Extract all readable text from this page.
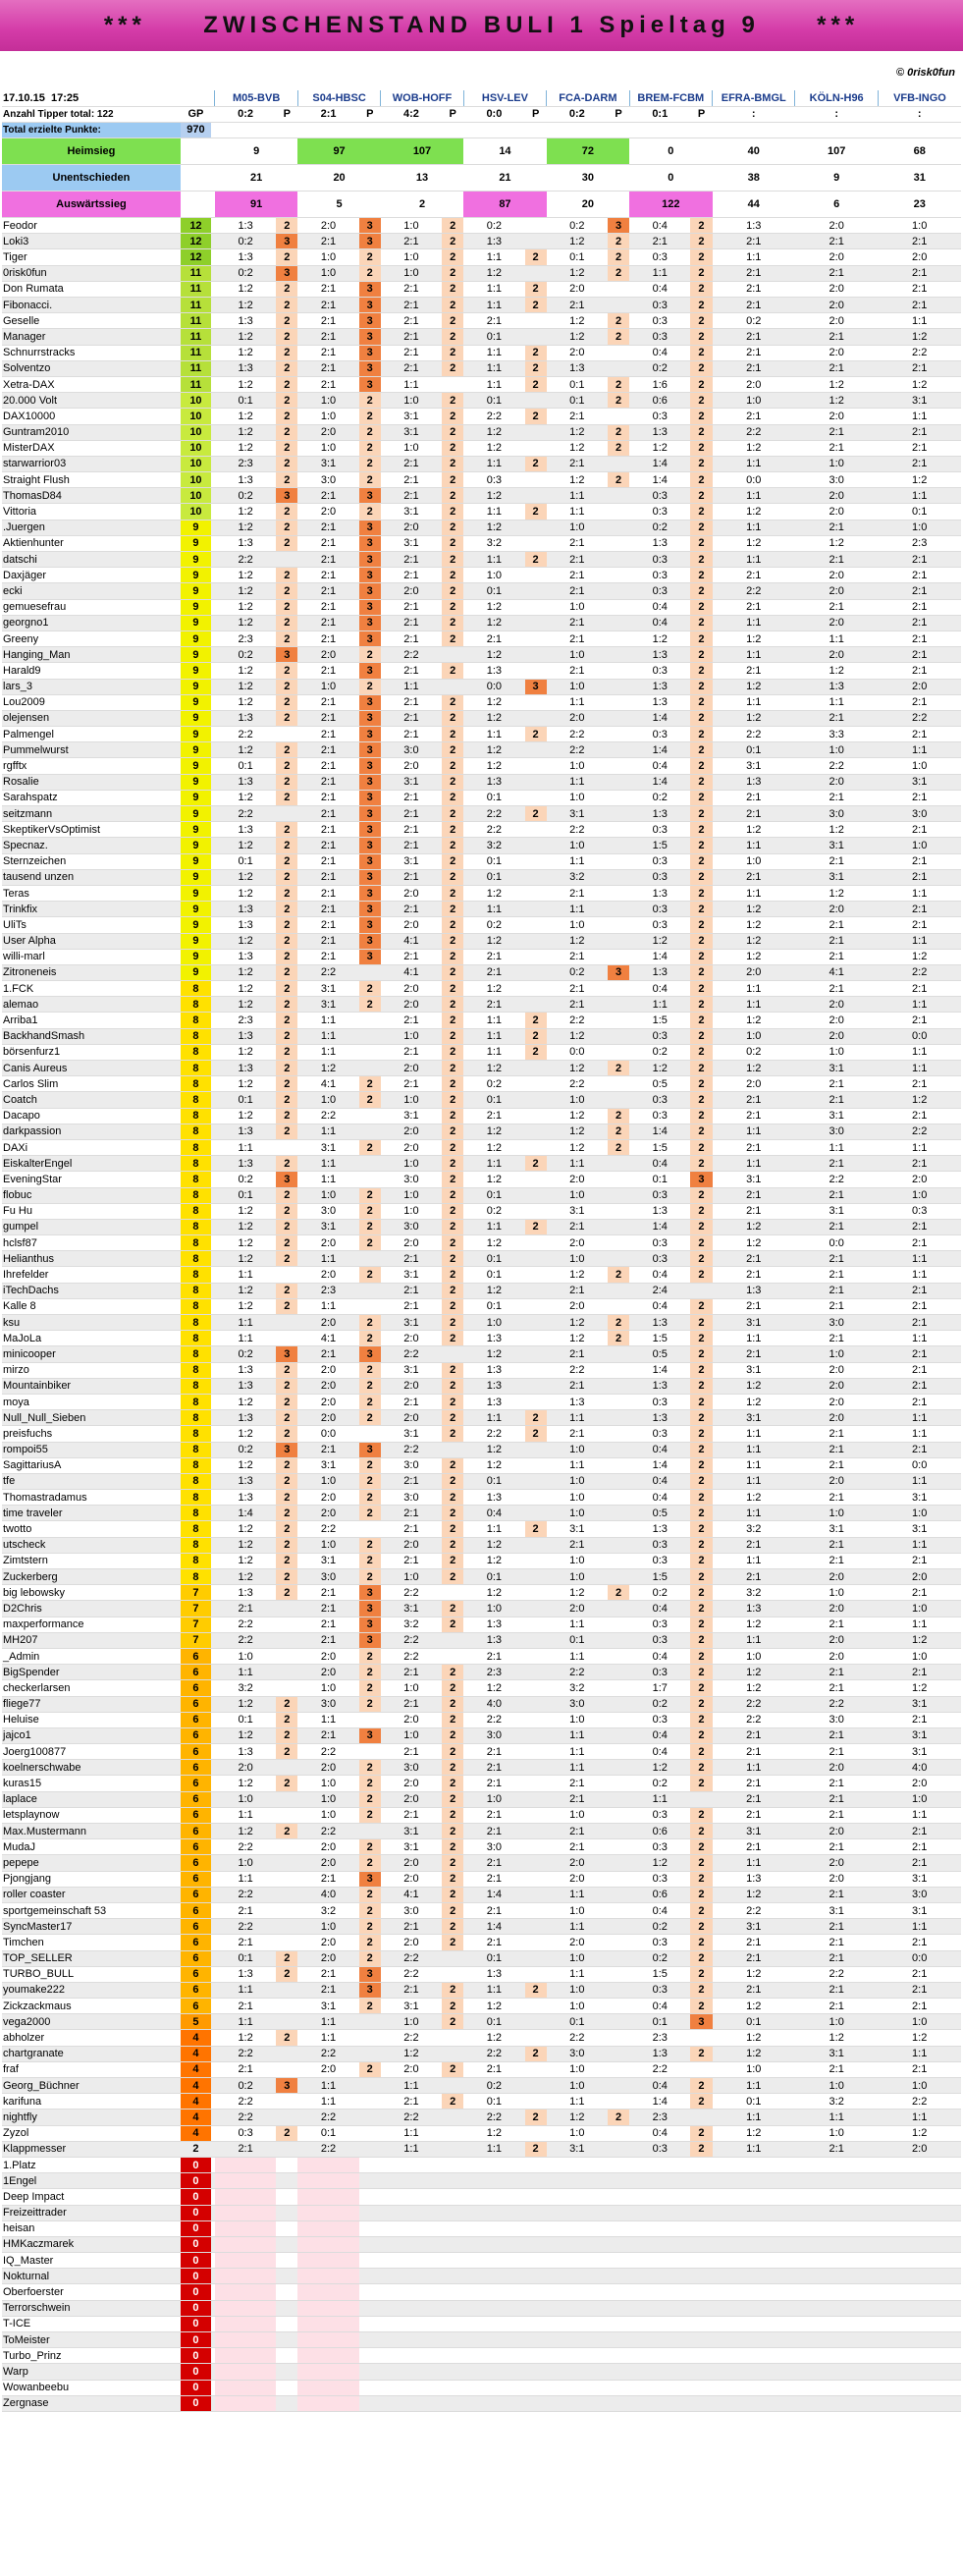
*** ZWISCHENSTAND BULI 1 Spieltag 9 ***
© 0risk0fun
17.10.15 17:25			M05-BVB		S04-HBSC		WOB-HOFF		HSV-LEV		FCA-DARM		BREM-FCBM		EFRA-BMGL	KÖLN-H96	VFB-INGO
Anzahl Tipper total: 122	GP		0:2	P	2:1	P	4:2	P	0:0	P	0:2	P	0:1	P	:	:	:
Total erzielte Punkte:	970																
Heimsieg			9		97		107		14		72		0		40	107	68
Unentschieden			21		20		13		21		30		0		38	9	31
Auswärtssieg			91		5		2		87		20		122		44	6	23
Feodor	12		1:3	2	2:0	3	1:0	2	0:2		0:2	3	0:4	2	1:3	2:0	1:0
Loki3	12		0:2	3	2:1	3	2:1	2	1:3		1:2	2	2:1	2	2:1	2:1	2:1
Tiger	12		1:3	2	1:0	2	1:0	2	1:1	2	0:1	2	0:3	2	1:1	2:0	2:0
0risk0fun	11		0:2	3	1:0	2	1:0	2	1:2		1:2	2	1:1	2	2:1	2:1	2:1
Don Rumata	11		1:2	2	2:1	3	2:1	2	1:1	2	2:0		0:4	2	2:1	2:0	2:1
Fibonacci.	11		1:2	2	2:1	3	2:1	2	1:1	2	2:1		0:3	2	2:1	2:0	2:1
Geselle	11		1:3	2	2:1	3	2:1	2	2:1		1:2	2	0:3	2	0:2	2:0	1:1
Manager	11		1:2	2	2:1	3	2:1	2	0:1		1:2	2	0:3	2	2:1	2:1	1:2
Schnurrstracks	11		1:2	2	2:1	3	2:1	2	1:1	2	2:0		0:4	2	2:1	2:0	2:2
Solventzo	11		1:3	2	2:1	3	2:1	2	1:1	2	1:3		0:2	2	2:1	2:1	2:1
Xetra-DAX	11		1:2	2	2:1	3	1:1		1:1	2	0:1	2	1:6	2	2:0	1:2	1:2
20.000 Volt	10		0:1	2	1:0	2	1:0	2	0:1		0:1	2	0:6	2	1:0	1:2	3:1
DAX10000	10		1:2	2	1:0	2	3:1	2	2:2	2	2:1		0:3	2	2:1	2:0	1:1
Guntram2010	10		1:2	2	2:0	2	3:1	2	1:2		1:2	2	1:3	2	2:2	2:1	2:1
MisterDAX	10		1:2	2	1:0	2	1:0	2	1:2		1:2	2	1:2	2	1:2	2:1	2:1
starwarrior03	10		2:3	2	3:1	2	2:1	2	1:1	2	2:1		1:4	2	1:1	1:0	2:1
Straight Flush	10		1:3	2	3:0	2	2:1	2	0:3		1:2	2	1:4	2	0:0	3:0	1:2
ThomasD84	10		0:2	3	2:1	3	2:1	2	1:2		1:1		0:3	2	1:1	2:0	1:1
Vittoria	10		1:2	2	2:0	2	3:1	2	1:1	2	1:1		0:3	2	1:2	2:0	0:1
.Juergen	9		1:2	2	2:1	3	2:0	2	1:2		1:0		0:2	2	1:1	2:1	1:0
Aktienhunter	9		1:3	2	2:1	3	3:1	2	3:2		2:1		1:3	2	1:2	1:2	2:3
datschi	9		2:2		2:1	3	2:1	2	1:1	2	2:1		0:3	2	1:1	2:1	2:1
Daxjäger	9		1:2	2	2:1	3	2:1	2	1:0		2:1		0:3	2	2:1	2:0	2:1
ecki	9		1:2	2	2:1	3	2:0	2	0:1		2:1		0:3	2	2:2	2:0	2:1
gemuesefrau	9		1:2	2	2:1	3	2:1	2	1:2		1:0		0:4	2	2:1	2:1	2:1
georgno1	9		1:2	2	2:1	3	2:1	2	1:2		2:1		0:4	2	1:1	2:0	2:1
Greeny	9		2:3	2	2:1	3	2:1	2	2:1		2:1		1:2	2	1:2	1:1	2:1
Hanging_Man	9		0:2	3	2:0	2	2:2		1:2		1:0		1:3	2	1:1	2:0	2:1
Harald9	9		1:2	2	2:1	3	2:1	2	1:3		2:1		0:3	2	2:1	1:2	2:1
lars_3	9		1:2	2	1:0	2	1:1		0:0	3	1:0		1:3	2	1:2	1:3	2:0
Lou2009	9		1:2	2	2:1	3	2:1	2	1:2		1:1		1:3	2	1:1	1:1	2:1
olejensen	9		1:3	2	2:1	3	2:1	2	1:2		2:0		1:4	2	1:2	2:1	2:2
Palmengel	9		2:2		2:1	3	2:1	2	1:1	2	2:2		0:3	2	2:2	3:3	2:1
Pummelwurst	9		1:2	2	2:1	3	3:0	2	1:2		2:2		1:4	2	0:1	1:0	1:1
rgfftx	9		0:1	2	2:1	3	2:0	2	1:2		1:0		0:4	2	3:1	2:2	1:0
Rosalie	9		1:3	2	2:1	3	3:1	2	1:3		1:1		1:4	2	1:3	2:0	3:1
Sarahspatz	9		1:2	2	2:1	3	2:1	2	0:1		1:0		0:2	2	2:1	2:1	2:1
seitzmann	9		2:2		2:1	3	2:1	2	2:2	2	3:1		1:3	2	2:1	3:0	3:0
SkeptikerVsOptimist	9		1:3	2	2:1	3	2:1	2	2:2		2:2		0:3	2	1:2	1:2	2:1
Specnaz.	9		1:2	2	2:1	3	2:1	2	3:2		1:0		1:5	2	1:1	3:1	1:0
Sternzeichen	9		0:1	2	2:1	3	3:1	2	0:1		1:1		0:3	2	1:0	2:1	2:1
tausend unzen	9		1:2	2	2:1	3	2:1	2	0:1		3:2		0:3	2	2:1	3:1	2:1
Teras	9		1:2	2	2:1	3	2:0	2	1:2		2:1		1:3	2	1:1	1:2	1:1
Trinkfix	9		1:3	2	2:1	3	2:1	2	1:1		1:1		0:3	2	1:2	2:0	2:1
UliTs	9		1:3	2	2:1	3	2:0	2	0:2		1:0		0:3	2	1:2	2:1	2:1
User Alpha	9		1:2	2	2:1	3	4:1	2	1:2		1:2		1:2	2	1:2	2:1	1:1
willi-marl	9		1:3	2	2:1	3	2:1	2	2:1		2:1		1:4	2	1:2	2:1	1:2
Zitroneneis	9		1:2	2	2:2		4:1	2	2:1		0:2	3	1:3	2	2:0	4:1	2:2
1.FCK	8		1:2	2	3:1	2	2:0	2	1:2		2:1		0:4	2	1:1	2:1	2:1
alemao	8		1:2	2	3:1	2	2:0	2	2:1		2:1		1:1	2	1:1	2:0	1:1
Arriba1	8		2:3	2	1:1		2:1	2	1:1	2	2:2		1:5	2	1:2	2:0	2:1
BackhandSmash	8		1:3	2	1:1		1:0	2	1:1	2	1:2		0:3	2	1:0	2:0	0:0
börsenfurz1	8		1:2	2	1:1		2:1	2	1:1	2	0:0		0:2	2	0:2	1:0	1:1
Canis Aureus	8		1:3	2	1:2		2:0	2	1:2		1:2	2	1:2	2	1:2	3:1	1:1
Carlos Slim	8		1:2	2	4:1	2	2:1	2	0:2		2:2		0:5	2	2:0	2:1	2:1
Coatch	8		0:1	2	1:0	2	1:0	2	0:1		1:0		0:3	2	2:1	2:1	1:2
Dacapo	8		1:2	2	2:2		3:1	2	2:1		1:2	2	0:3	2	2:1	3:1	2:1
darkpassion	8		1:3	2	1:1		2:0	2	1:2		1:2	2	1:4	2	1:1	3:0	2:2
DAXi	8		1:1		3:1	2	2:0	2	1:2		1:2	2	1:5	2	2:1	1:1	1:1
EiskalterEngel	8		1:3	2	1:1		1:0	2	1:1	2	1:1		0:4	2	1:1	2:1	2:1
EveningStar	8		0:2	3	1:1		3:0	2	1:2		2:0		0:1	3	3:1	2:2	2:0
flobuc	8		0:1	2	1:0	2	1:0	2	0:1		1:0		0:3	2	2:1	2:1	1:0
Fu Hu	8		1:2	2	3:0	2	1:0	2	0:2		3:1		1:3	2	2:1	3:1	0:3
gumpel	8		1:2	2	3:1	2	3:0	2	1:1	2	2:1		1:4	2	1:2	2:1	2:1
hclsf87	8		1:2	2	2:0	2	2:0	2	1:2		2:0		0:3	2	1:2	0:0	2:1
Helianthus	8		1:2	2	1:1		2:1	2	0:1		1:0		0:3	2	2:1	2:1	1:1
Ihrefelder	8		1:1		2:0	2	3:1	2	0:1		1:2	2	0:4	2	2:1	2:1	1:1
iTechDachs	8		1:2	2	2:3		2:1	2	1:2		2:1		2:4		1:3	2:1	2:1
Kalle 8	8		1:2	2	1:1		2:1	2	0:1		2:0		0:4	2	2:1	2:1	2:1
ksu	8		1:1		2:0	2	3:1	2	1:0		1:2	2	1:3	2	3:1	3:0	2:1
MaJoLa	8		1:1		4:1	2	2:0	2	1:3		1:2	2	1:5	2	1:1	2:1	1:1
minicooper	8		0:2	3	2:1	3	2:2		1:2		2:1		0:5	2	2:1	1:0	2:1
mirzo	8		1:3	2	2:0	2	3:1	2	1:3		2:2		1:4	2	3:1	2:0	2:1
Mountainbiker	8		1:3	2	2:0	2	2:0	2	1:3		2:1		1:3	2	1:2	2:0	2:1
moya	8		1:2	2	2:0	2	2:1	2	1:3		1:3		0:3	2	1:2	2:0	2:1
Null_Null_Sieben	8		1:3	2	2:0	2	2:0	2	1:1	2	1:1		1:3	2	3:1	2:0	1:1
preisfuchs	8		1:2	2	0:0		3:1	2	2:2	2	2:1		0:3	2	1:1	2:1	1:1
rompoi55	8		0:2	3	2:1	3	2:2		1:2		1:0		0:4	2	1:1	2:1	2:1
SagittariusA	8		1:2	2	3:1	2	3:0	2	1:2		1:1		1:4	2	1:1	2:1	0:0
tfe	8		1:3	2	1:0	2	2:1	2	0:1		1:0		0:4	2	1:1	2:0	1:1
Thomastradamus	8		1:3	2	2:0	2	3:0	2	1:3		1:0		0:4	2	1:2	2:1	3:1
time traveler	8		1:4	2	2:0	2	2:1	2	0:4		1:0		0:5	2	1:1	1:0	1:0
twotto	8		1:2	2	2:2		2:1	2	1:1	2	3:1		1:3	2	3:2	3:1	3:1
utscheck	8		1:2	2	1:0	2	2:0	2	1:2		2:1		0:3	2	2:1	2:1	1:1
Zimtstern	8		1:2	2	3:1	2	2:1	2	1:2		1:0		0:3	2	1:1	2:1	2:1
Zuckerberg	8		1:2	2	3:0	2	1:0	2	0:1		1:0		1:5	2	2:1	2:0	2:0
big lebowsky	7		1:3	2	2:1	3	2:2		1:2		1:2	2	0:2	2	3:2	1:0	2:1
D2Chris	7		2:1		2:1	3	3:1	2	1:0		2:0		0:4	2	1:3	2:0	1:0
maxperformance	7		2:2		2:1	3	3:2	2	1:3		1:1		0:3	2	1:2	2:1	1:1
MH207	7		2:2		2:1	3	2:2		1:3		0:1		0:3	2	1:1	2:0	1:2
_Admin	6		1:0		2:0	2	2:2		2:1		1:1		0:4	2	1:0	2:0	1:0
BigSpender	6		1:1		2:0	2	2:1	2	2:3		2:2		0:3	2	1:2	2:1	2:1
checkerlarsen	6		3:2		1:0	2	1:0	2	1:2		3:2		1:7	2	1:2	2:1	1:2
fliege77	6		1:2	2	3:0	2	2:1	2	4:0		3:0		0:2	2	2:2	2:2	3:1
Heluise	6		0:1	2	1:1		2:0	2	2:2		1:0		0:3	2	2:2	3:0	2:1
jajco1	6		1:2	2	2:1	3	1:0	2	3:0		1:1		0:4	2	2:1	2:1	3:1
Joerg100877	6		1:3	2	2:2		2:1	2	2:1		1:1		0:4	2	2:1	2:1	3:1
koelnerschwabe	6		2:0		2:0	2	3:0	2	2:1		1:1		1:2	2	1:1	2:0	4:0
kuras15	6		1:2	2	1:0	2	2:0	2	2:1		2:1		0:2	2	2:1	2:1	2:0
laplace	6		1:0		1:0	2	2:0	2	1:0		2:1		1:1		2:1	2:1	1:0
letsplaynow	6		1:1		1:0	2	2:1	2	2:1		1:0		0:3	2	2:1	2:1	1:1
Max.Mustermann	6		1:2	2	2:2		3:1	2	2:1		2:1		0:6	2	3:1	2:0	2:1
MudaJ	6		2:2		2:0	2	3:1	2	3:0		2:1		0:3	2	2:1	2:1	2:1
pepepe	6		1:0		2:0	2	2:0	2	2:1		2:0		1:2	2	1:1	2:0	2:1
Pjongjang	6		1:1		2:1	3	2:0	2	2:1		2:0		0:3	2	1:3	2:0	3:1
roller coaster	6		2:2		4:0	2	4:1	2	1:4		1:1		0:6	2	1:2	2:1	3:0
sportgemeinschaft 53	6		2:1		3:2	2	3:0	2	2:1		1:0		0:4	2	2:2	3:1	3:1
SyncMaster17	6		2:2		1:0	2	2:1	2	1:4		1:1		0:2	2	3:1	2:1	1:1
Timchen	6		2:1		2:0	2	2:0	2	2:1		2:0		0:3	2	2:1	2:1	2:1
TOP_SELLER	6		0:1	2	2:0	2	2:2		0:1		1:0		0:2	2	2:1	2:1	0:0
TURBO_BULL	6		1:3	2	2:1	3	2:2		1:3		1:1		1:5	2	1:2	2:2	2:1
youmake222	6		1:1		2:1	3	2:1	2	1:1	2	1:0		0:3	2	2:1	2:1	2:1
Zickzackmaus	6		2:1		3:1	2	3:1	2	1:2		1:0		0:4	2	1:2	2:1	2:1
vega2000	5		1:1		1:1		1:0	2	0:1		0:1		0:1	3	0:1	1:0	1:0
abholzer	4		1:2	2	1:1		2:2		1:2		2:2		2:3		1:2	1:2	1:2
chartgranate	4		2:2		2:2		1:2		2:2	2	3:0		1:3	2	1:2	3:1	1:1
fraf	4		2:1		2:0	2	2:0	2	2:1		1:0		2:2		1:0	2:1	2:1
Georg_Büchner	4		0:2	3	1:1		1:1		0:2		1:0		0:4	2	1:1	1:0	1:0
karifuna	4		2:2		1:1		2:1	2	0:1		1:1		1:4	2	0:1	3:2	2:2
nightfly	4		2:2		2:2		2:2		2:2	2	1:2	2	2:3		1:1	1:1	1:1
Zyzol	4		0:3	2	0:1		1:1		1:2		1:0		0:4	2	1:2	1:0	1:2
Klappmesser	2		2:1		2:2		1:1		1:1	2	3:1		0:3	2	1:1	2:1	2:0
1.Platz	0																
1Engel	0																
Deep Impact	0																
Freizeittrader	0																
heisan	0																
HMKaczmarek	0																
IQ_Master	0																
Nokturnal	0																
Oberfoerster	0																
Terrorschwein	0																
T-ICE	0																
ToMeister	0																
Turbo_Prinz	0																
Warp	0																
Wowanbeebu	0																
Zergnase	0																
